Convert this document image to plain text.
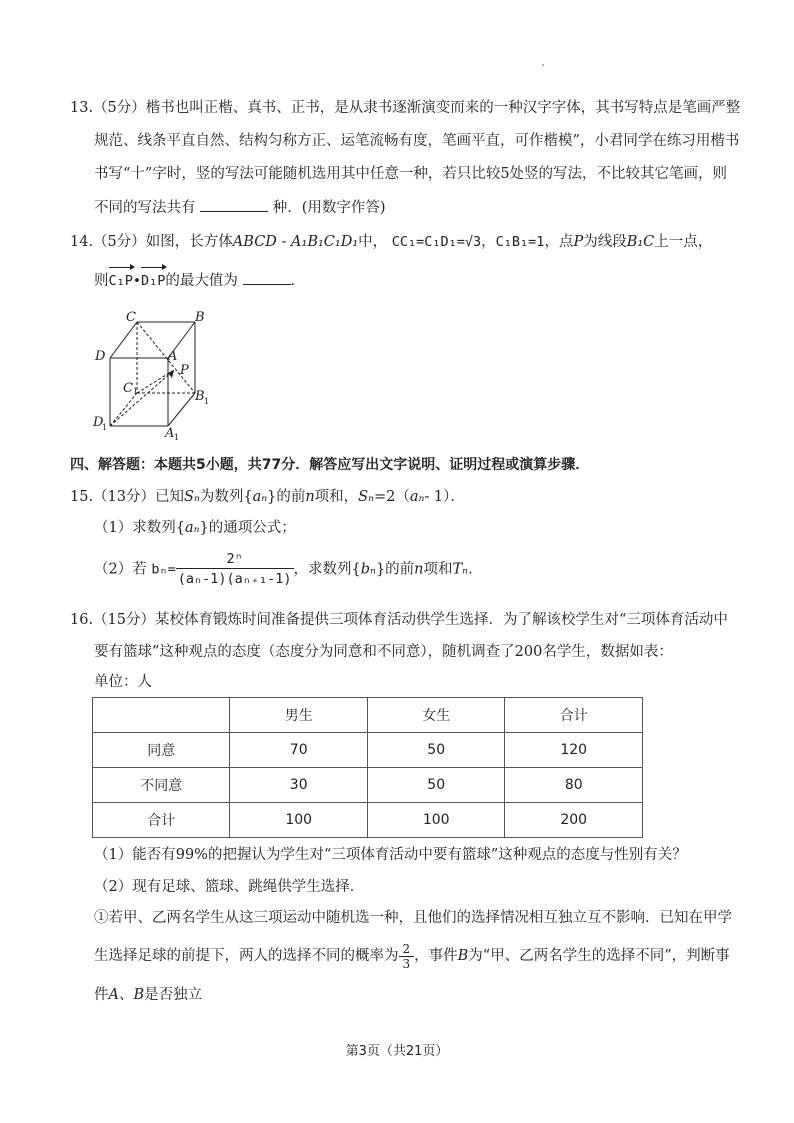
13.（5分）楷书也叫正楷、真书、正书，是从隶书逐渐演变而来的一种汉字字体，其书写特点是笔画严整
规范、线条平直自然、结构匀称方正、运笔流畅有度，笔画平直，可作楷模”，小君同学在练习用楷书
书写“十”字时，竖的写法可能随机选用其中任意一种，若只比较5处竖的写法，不比较其它笔画，则
不同的写法共有	种．(用数字作答)
14.（5分）如图，长方体ABCD - A₁B₁C₁D₁中， CC₁=C₁D₁=√3，C₁B₁=1，点P为线段B₁C上一点，
则C₁P•D₁P的最大值为	．
C	B
D	A
P
C 1	B 1
D
1	A 1
四、解答题：本题共5小题，共77分．解答应写出文字说明、证明过程或演算步骤．
15.（13分）已知Sₙ为数列{aₙ}的前n项和，Sₙ=2（aₙ- 1）．
（1）求数列{aₙ}的通项公式；
（2）若 $b_n= \frac{\text{2ⁿ}}{\text{(aₙ-1)(aₙ₊₁-1)}}$ ，求数列{bₙ}的前n项和Tₙ.
16.（15分）某校体育锻炼时间准备提供三项体育活动供学生选择．为了解该校学生对“三项体育活动中
要有篮球”这种观点的态度（态度分为同意和不同意），随机调查了200名学生，数据如表：
单位：人
	男生	女生	合计
同意	70	50	120
不同意	30	50	80
合计	100	100	200
（1）能否有99%的把握认为学生对“三项体育活动中要有篮球”这种观点的态度与性别有关？
（2）现有足球、篮球、跳绳供学生选择．
①若甲、乙两名学生从这三项运动中随机选一种，且他们的选择情况相互独立互不影响．已知在甲学
生选择足球的前提下，两人的选择不同的概率为 $\frac{2}{3}$ ，事件B为“甲、乙两名学生的选择不同”，判断事
件A、B是否独立
第3页（共21页）
